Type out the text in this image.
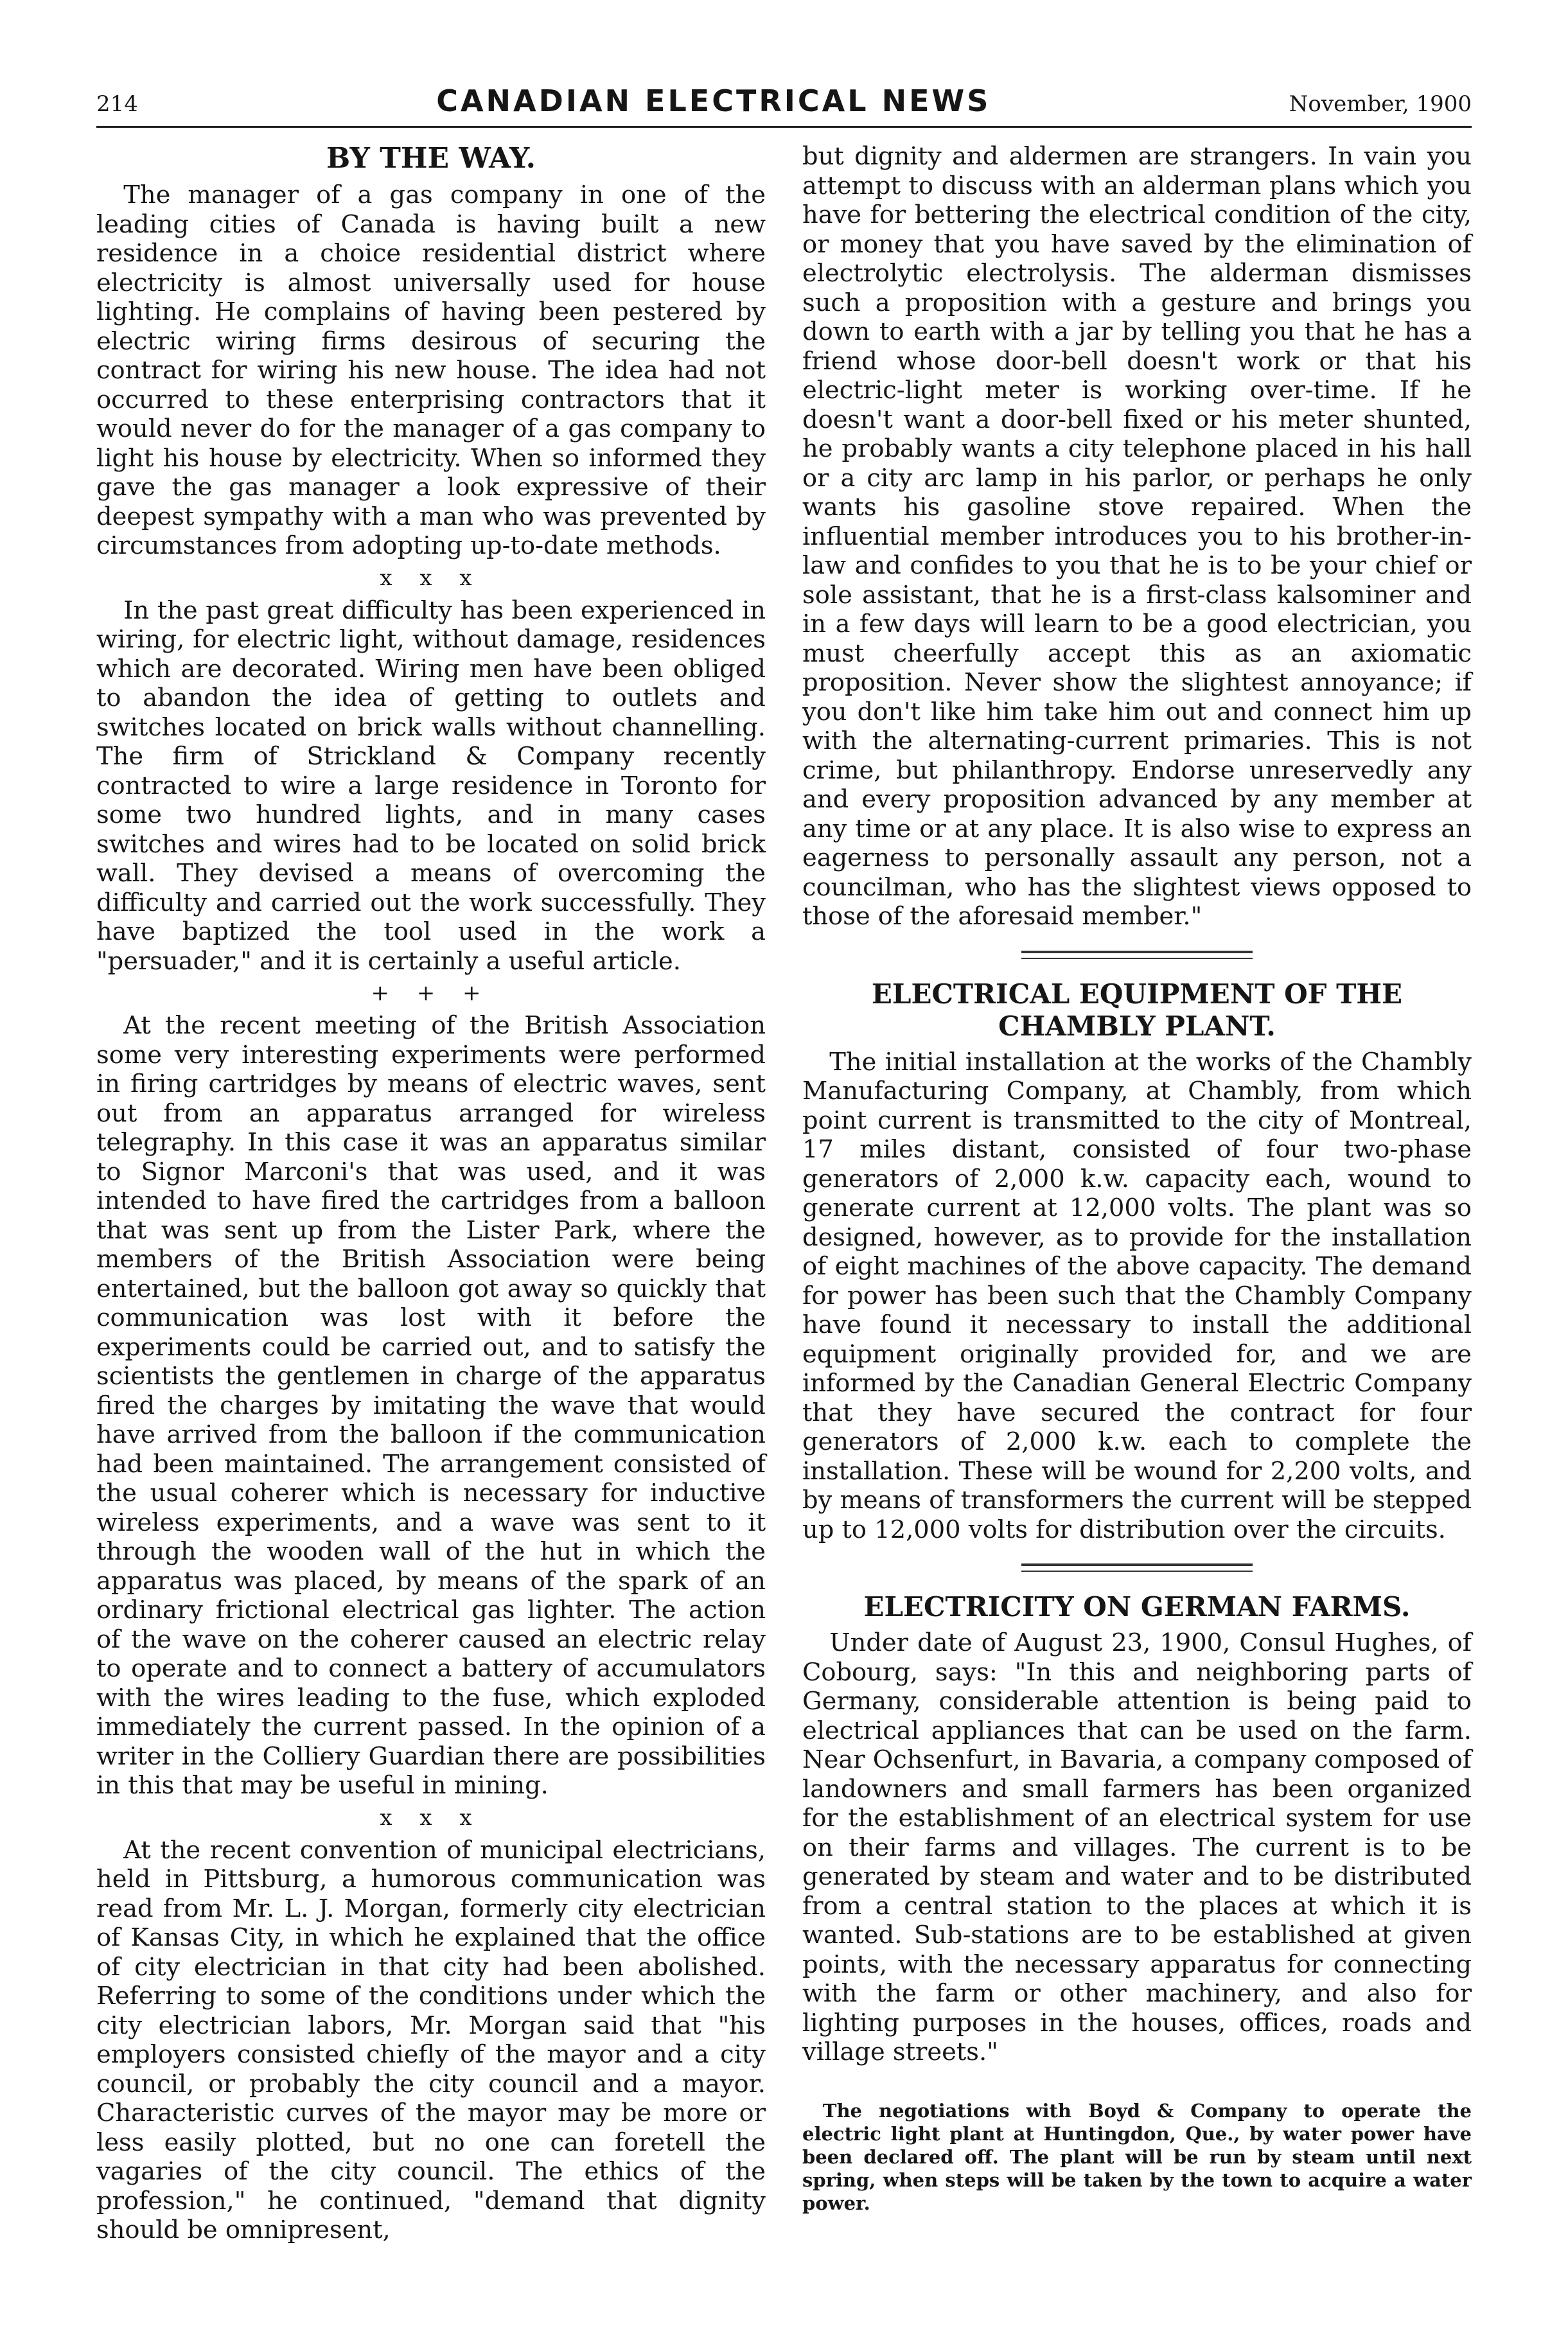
214	CANADIAN ELECTRICAL NEWS	November, 1900
BY THE WAY.

The manager of a gas company in one of the leading cities of Canada is having built a new residence in a choice residential district where electricity is almost universally used for house lighting. He complains of having been pestered by electric wiring firms desirous of securing the contract for wiring his new house. The idea had not occurred to these enterprising contractors that it would never do for the manager of a gas company to light his house by electricity. When so informed they gave the gas manager a look expressive of their deepest sympathy with a man who was prevented by circumstances from adopting up-to-date methods.

x x x

In the past great difficulty has been experienced in wiring, for electric light, without damage, residences which are decorated. Wiring men have been obliged to abandon the idea of getting to outlets and switches located on brick walls without channelling. The firm of Strickland & Company recently contracted to wire a large residence in Toronto for some two hundred lights, and in many cases switches and wires had to be located on solid brick wall. They devised a means of overcoming the difficulty and carried out the work successfully. They have baptized the tool used in the work a "persuader," and it is certainly a useful article.

+ + +

At the recent meeting of the British Association some very interesting experiments were performed in firing cartridges by means of electric waves, sent out from an apparatus arranged for wireless telegraphy. In this case it was an apparatus similar to Signor Marconi's that was used, and it was intended to have fired the cartridges from a balloon that was sent up from the Lister Park, where the members of the British Association were being entertained, but the balloon got away so quickly that communication was lost with it before the experiments could be carried out, and to satisfy the scientists the gentlemen in charge of the apparatus fired the charges by imitating the wave that would have arrived from the balloon if the communication had been maintained. The arrangement consisted of the usual coherer which is necessary for inductive wireless experiments, and a wave was sent to it through the wooden wall of the hut in which the apparatus was placed, by means of the spark of an ordinary frictional electrical gas lighter. The action of the wave on the coherer caused an electric relay to operate and to connect a battery of accumulators with the wires leading to the fuse, which exploded immediately the current passed. In the opinion of a writer in the Colliery Guardian there are possibilities in this that may be useful in mining.

x x x

At the recent convention of municipal electricians, held in Pittsburg, a humorous communication was read from Mr. L. J. Morgan, formerly city electrician of Kansas City, in which he explained that the office of city electrician in that city had been abolished. Referring to some of the conditions under which the city electrician labors, Mr. Morgan said that "his employers consisted chiefly of the mayor and a city council, or probably the city council and a mayor. Characteristic curves of the mayor may be more or less easily plotted, but no one can foretell the vagaries of the city council. The ethics of the profession," he continued, "demand that dignity should be omnipresent,

but dignity and aldermen are strangers. In vain you attempt to discuss with an alderman plans which you have for bettering the electrical condition of the city, or money that you have saved by the elimination of electrolytic electrolysis. The alderman dismisses such a proposition with a gesture and brings you down to earth with a jar by telling you that he has a friend whose door-bell doesn't work or that his electric-light meter is working over-time. If he doesn't want a door-bell fixed or his meter shunted, he probably wants a city telephone placed in his hall or a city arc lamp in his parlor, or perhaps he only wants his gasoline stove repaired. When the influential member introduces you to his brother-in-law and confides to you that he is to be your chief or sole assistant, that he is a first-class kalsominer and in a few days will learn to be a good electrician, you must cheerfully accept this as an axiomatic proposition. Never show the slightest annoyance; if you don't like him take him out and connect him up with the alternating-current primaries. This is not crime, but philanthropy. Endorse unreservedly any and every proposition advanced by any member at any time or at any place. It is also wise to express an eagerness to personally assault any person, not a councilman, who has the slightest views opposed to those of the aforesaid member."

ELECTRICAL EQUIPMENT OF THE CHAMBLY PLANT.

The initial installation at the works of the Chambly Manufacturing Company, at Chambly, from which point current is transmitted to the city of Montreal, 17 miles distant, consisted of four two-phase generators of 2,000 k.w. capacity each, wound to generate current at 12,000 volts. The plant was so designed, however, as to provide for the installation of eight machines of the above capacity. The demand for power has been such that the Chambly Company have found it necessary to install the additional equipment originally provided for, and we are informed by the Canadian General Electric Company that they have secured the contract for four generators of 2,000 k.w. each to complete the installation. These will be wound for 2,200 volts, and by means of transformers the current will be stepped up to 12,000 volts for distribution over the circuits.

ELECTRICITY ON GERMAN FARMS.

Under date of August 23, 1900, Consul Hughes, of Cobourg, says: "In this and neighboring parts of Germany, considerable attention is being paid to electrical appliances that can be used on the farm. Near Ochsenfurt, in Bavaria, a company composed of landowners and small farmers has been organized for the establishment of an electrical system for use on their farms and villages. The current is to be generated by steam and water and to be distributed from a central station to the places at which it is wanted. Sub-stations are to be established at given points, with the necessary apparatus for connecting with the farm or other machinery, and also for lighting purposes in the houses, offices, roads and village streets."

The negotiations with Boyd & Company to operate the electric light plant at Huntingdon, Que., by water power have been declared off. The plant will be run by steam until next spring, when steps will be taken by the town to acquire a water power.
